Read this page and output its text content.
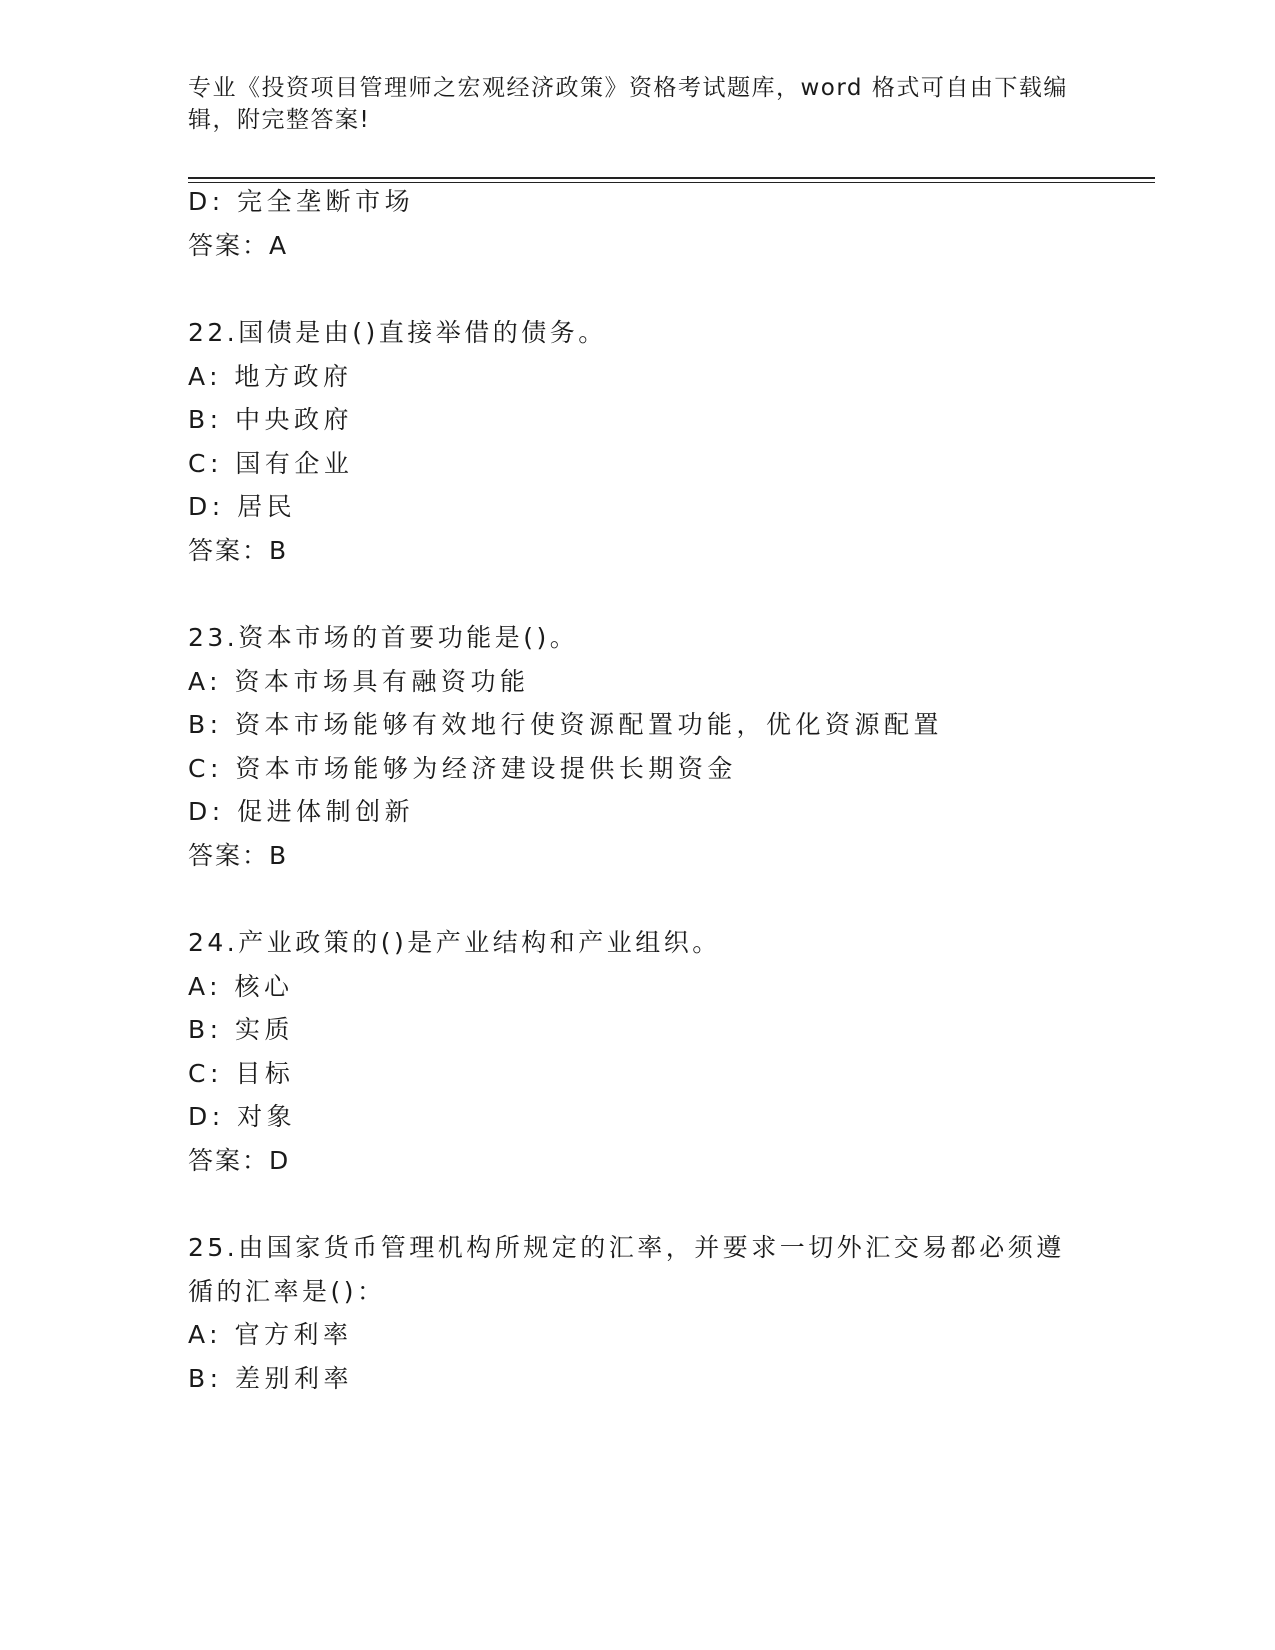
专业《投资项目管理师之宏观经济政策》资格考试题库，word 格式可自由下载编辑，附完整答案!
D: 完全垄断市场
答案：A
22.国债是由()直接举借的债务。
A: 地方政府
B: 中央政府
C: 国有企业
D: 居民
答案：B
23.资本市场的首要功能是()。
A: 资本市场具有融资功能
B: 资本市场能够有效地行使资源配置功能，优化资源配置
C: 资本市场能够为经济建设提供长期资金
D: 促进体制创新
答案：B
24.产业政策的()是产业结构和产业组织。
A: 核心
B: 实质
C: 目标
D: 对象
答案：D
25.由国家货币管理机构所规定的汇率，并要求一切外汇交易都必须遵
循的汇率是()：
A: 官方利率
B: 差别利率
